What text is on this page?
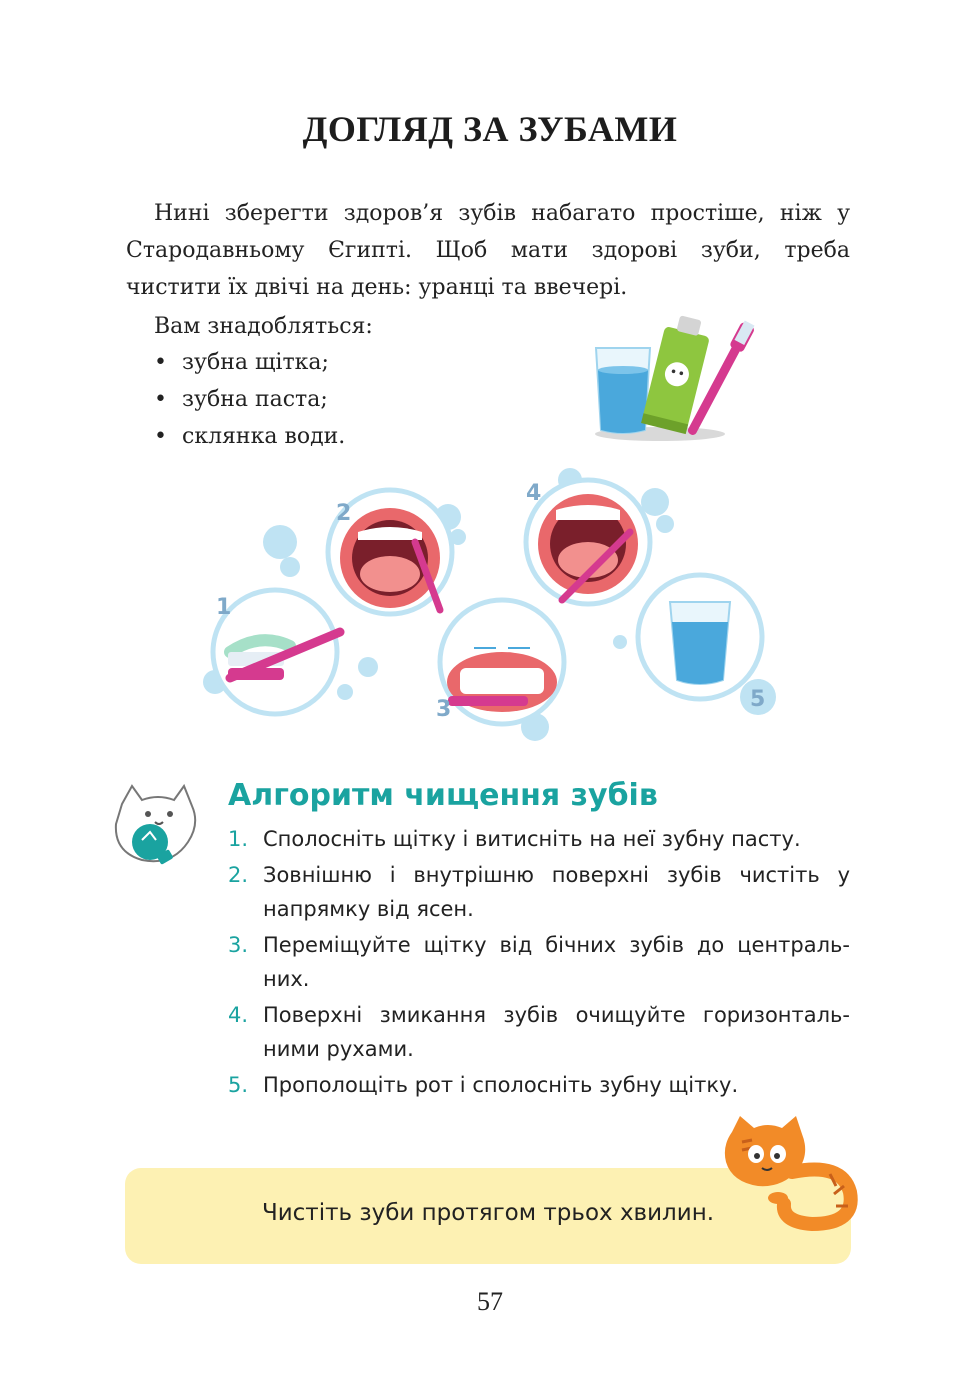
ДОГЛЯД ЗА ЗУБАМИ
Нині зберегти здоров’я зубів набагато простіше, ніж у Стародавньому Єгипті. Щоб мати здорові зуби, треба чистити їх двічі на день: уранці та ввечері.
Вам знадобляться:
• зубна щітка;
• зубна паста;
• склянка води.
1
2
3
4
5
Алгоритм чищення зубів
1. Сполосніть щітку і витисніть на неї зубну пасту.
2. Зовнішню і внутрішню поверхні зубів чистіть у напрямку від ясен.
3. Переміщуйте щітку від бічних зубів до центральних.
4. Поверхні змикання зубів очищуйте горизонтальними рухами.
5. Прополощіть рот і сполосніть зубну щітку.
Чистіть зуби протягом трьох хвилин.
57
